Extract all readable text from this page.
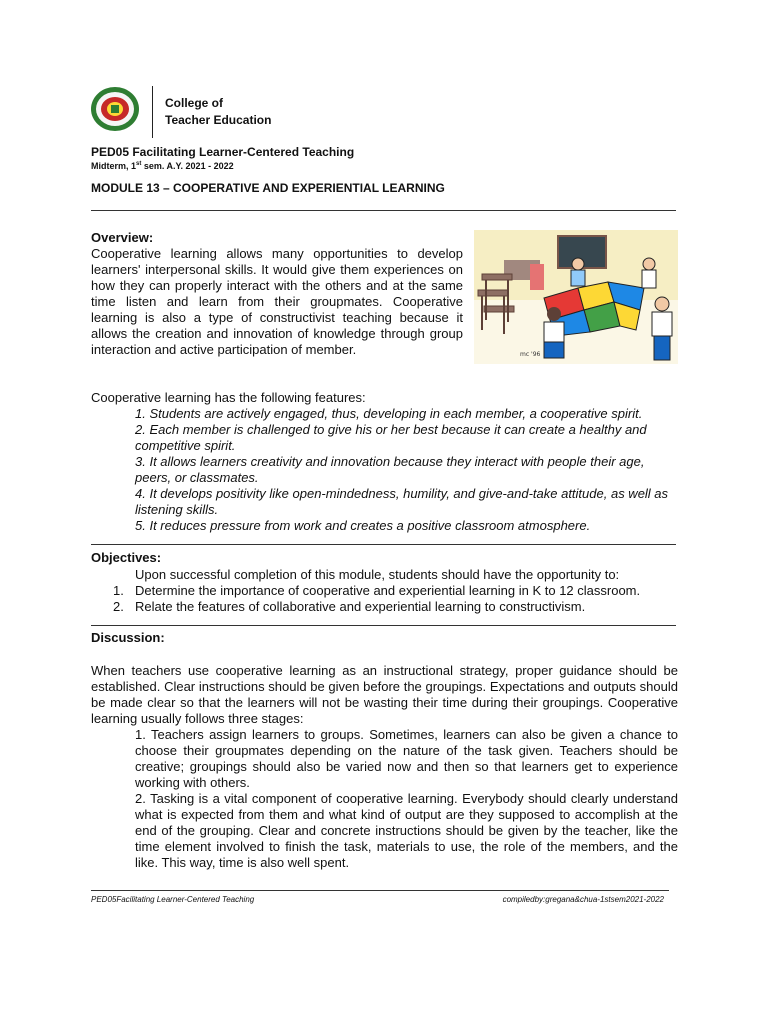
College of
Teacher Education
PED05 Facilitating Learner-Centered Teaching
Midterm, 1st sem. A.Y. 2021 - 2022
MODULE 13 – COOPERATIVE AND EXPERIENTIAL LEARNING
Overview:
Cooperative learning allows many opportunities to develop learners' interpersonal skills. It would give them experiences on how they can properly interact with the others and at the same time listen and learn from their groupmates. Cooperative learning is also a type of constructivist teaching because it allows the creation and innovation of knowledge through group interaction and active participation of member.	mc '96
Cooperative learning has the following features:
1. Students are actively engaged, thus, developing in each member, a cooperative spirit.
2. Each member is challenged to give his or her best because it can create a healthy and competitive spirit.
3. It allows learners creativity and innovation because they interact with people their age, peers, or classmates.
4. It develops positivity like open-mindedness, humility, and give-and-take attitude, as well as listening skills.
5. It reduces pressure from work and creates a positive classroom atmosphere.
Objectives:
Upon successful completion of this module, students should have the opportunity to:
1. Determine the importance of cooperative and experiential learning in K to 12 classroom.
2. Relate the features of collaborative and experiential learning to constructivism.
Discussion:
When teachers use cooperative learning as an instructional strategy, proper guidance should be established. Clear instructions should be given before the groupings. Expectations and outputs should be made clear so that the learners will not be wasting their time during their groupings. Cooperative learning usually follows three stages:
1. Teachers assign learners to groups. Sometimes, learners can also be given a chance to choose their groupmates depending on the nature of the task given. Teachers should be creative; groupings should also be varied now and then so that learners get to experience working with others.
2. Tasking is a vital component of cooperative learning. Everybody should clearly understand what is expected from them and what kind of output are they supposed to accomplish at the end of the grouping. Clear and concrete instructions should be given by the teacher, like the time element involved to finish the task, materials to use, the role of the members, and the like. This way, time is also well spent.
PED05Facilitating Learner-Centered Teaching	compiledby:gregana&chua-1stsem2021-2022
